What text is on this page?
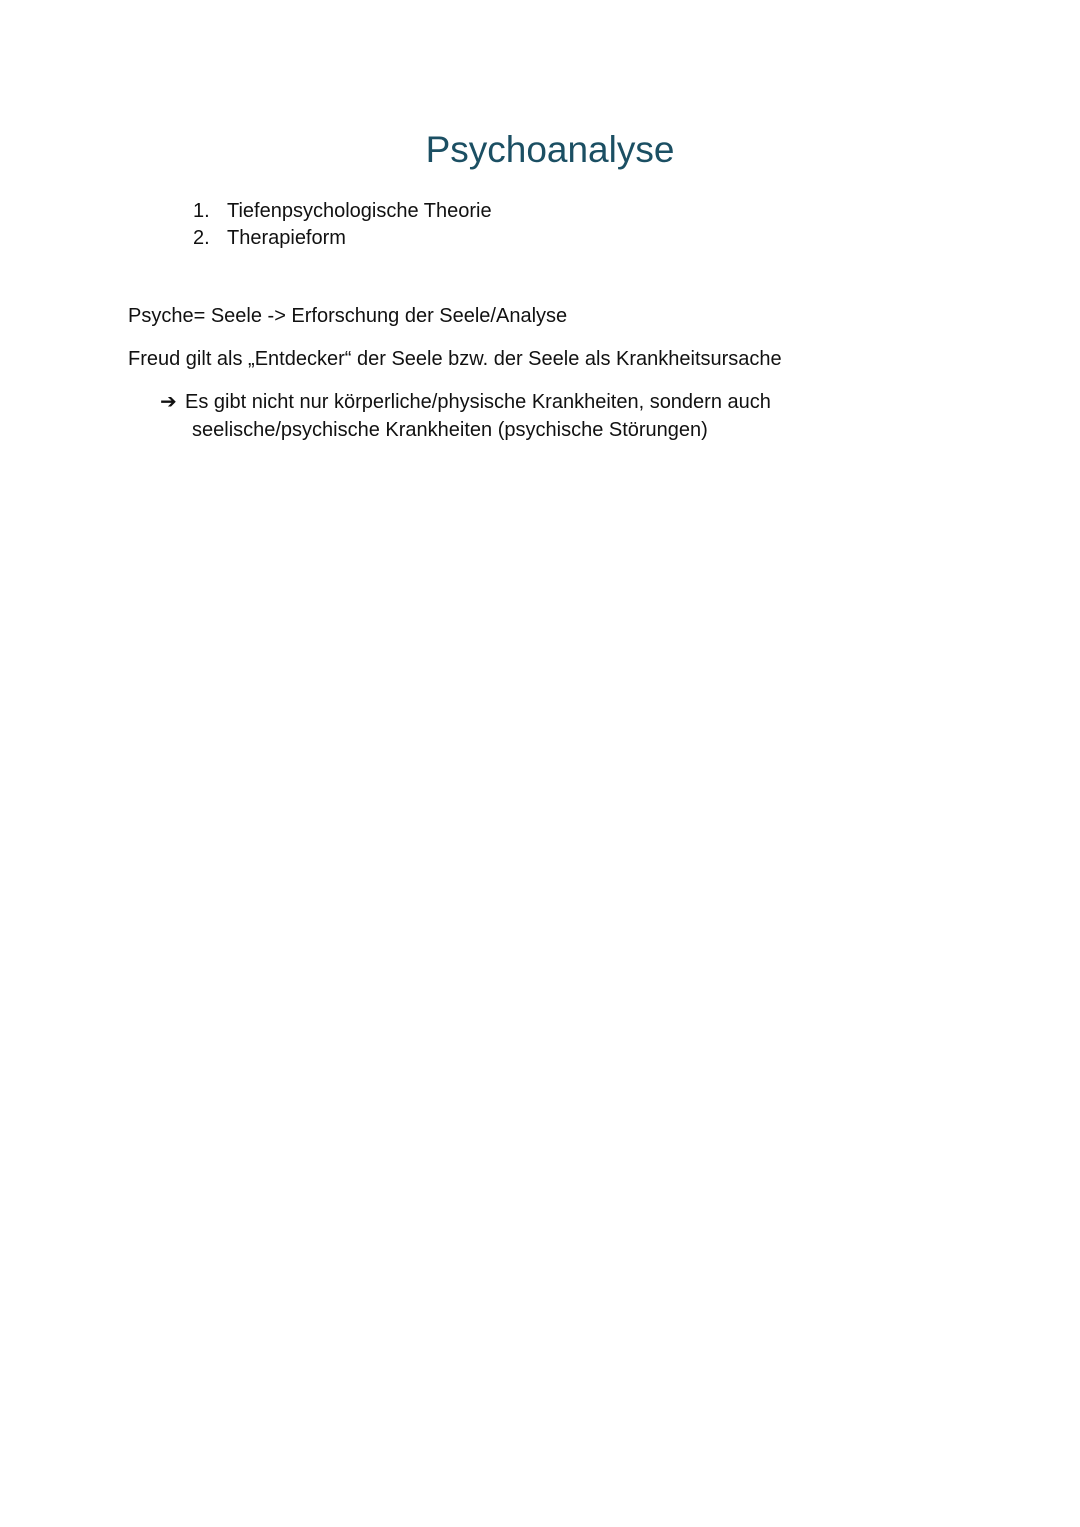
Psychoanalyse
1. Tiefenpsychologische Theorie
2. Therapieform

Psyche= Seele -> Erforschung der Seele/Analyse

Freud gilt als „Entdecker“ der Seele bzw. der Seele als Krankheitsursache

➔ Es gibt nicht nur körperliche/physische Krankheiten, sondern auch
seelische/psychische Krankheiten (psychische Störungen)
